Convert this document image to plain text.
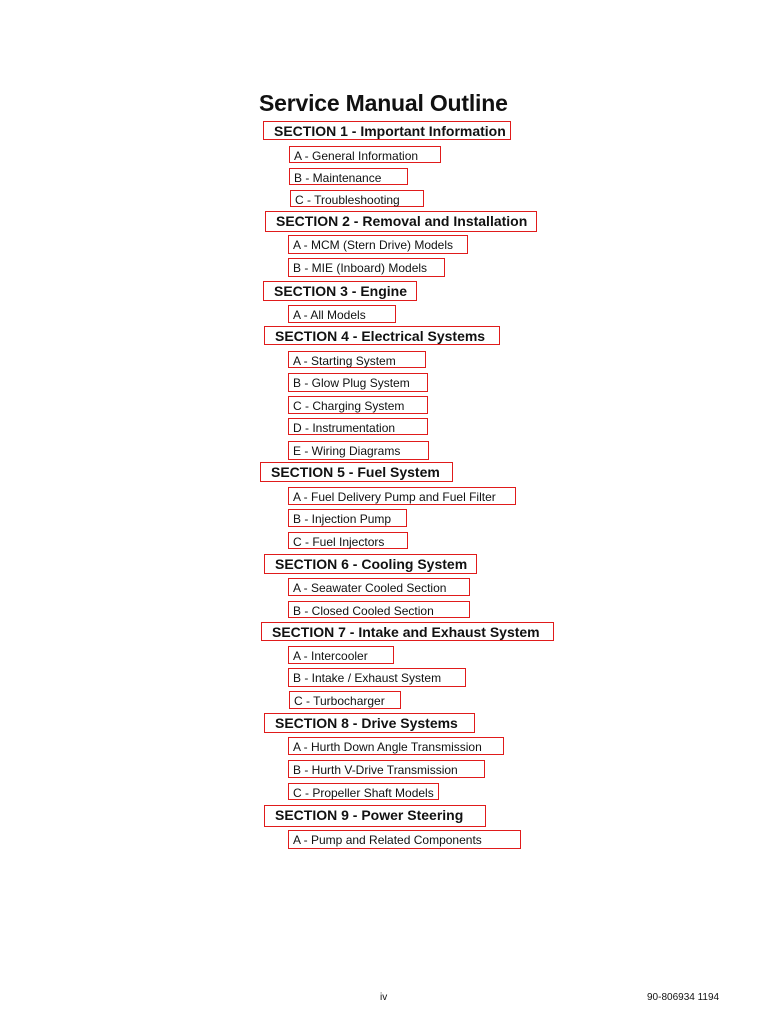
Service Manual Outline
SECTION 1 - Important Information
A - General Information
B - Maintenance
C - Troubleshooting
SECTION 2 - Removal and Installation
A - MCM (Stern Drive) Models
B - MIE (Inboard) Models
SECTION 3 - Engine
A - All Models
SECTION 4 - Electrical Systems
A - Starting System
B - Glow Plug System
C - Charging System
D - Instrumentation
E - Wiring Diagrams
SECTION 5 - Fuel System
A - Fuel Delivery Pump and Fuel Filter
B - Injection Pump
C - Fuel Injectors
SECTION 6 - Cooling System
A - Seawater Cooled Section
B - Closed Cooled Section
SECTION 7 - Intake and Exhaust System
A - Intercooler
B - Intake / Exhaust System
C - Turbocharger
SECTION 8 - Drive Systems
A - Hurth Down Angle Transmission
B - Hurth V-Drive Transmission
C - Propeller Shaft Models
SECTION 9 - Power Steering
A - Pump and Related Components
iv	90-806934 1194
